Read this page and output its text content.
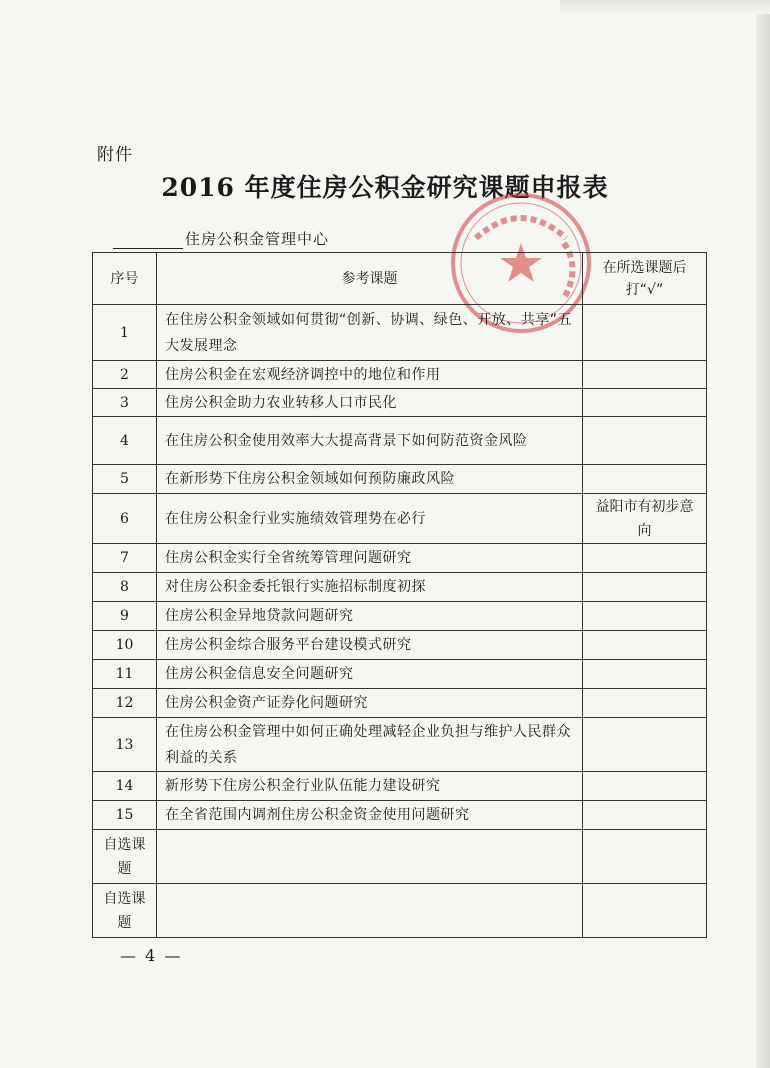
附件
2016 年度住房公积金研究课题申报表
住房公积金管理中心
序号	参考课题	在所选课题后打“√”
1	在住房公积金领域如何贯彻“创新、协调、绿色、开放、共享”五大发展理念	
2	住房公积金在宏观经济调控中的地位和作用	
3	住房公积金助力农业转移人口市民化	
4	在住房公积金使用效率大大提高背景下如何防范资金风险	
5	在新形势下住房公积金领域如何预防廉政风险	
6	在住房公积金行业实施绩效管理势在必行	益阳市有初步意向
7	住房公积金实行全省统筹管理问题研究	
8	对住房公积金委托银行实施招标制度初探	
9	住房公积金异地贷款问题研究	
10	住房公积金综合服务平台建设模式研究	
11	住房公积金信息安全问题研究	
12	住房公积金资产证券化问题研究	
13	在住房公积金管理中如何正确处理减轻企业负担与维护人民群众利益的关系	
14	新形势下住房公积金行业队伍能力建设研究	
15	在全省范围内调剂住房公积金资金使用问题研究	
自选课题		
自选课题		
— 4 —
